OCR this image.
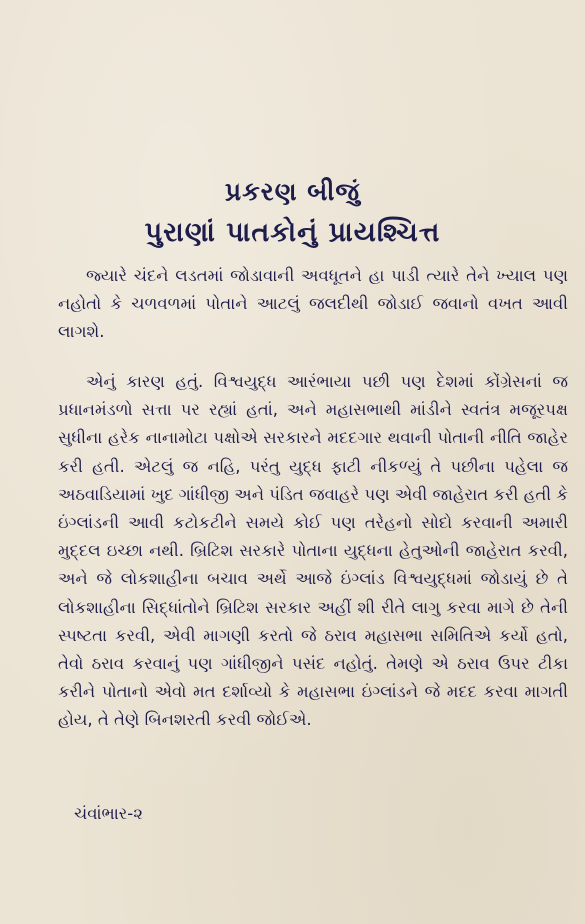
પ્રકરણ બીજું
પુરાણાં પાતકોનું પ્રાયશ્ચિત્ત

જ્યારે ચંદને લડતમાં જોડાવાની અવધૂતને હા પાડી ત્યારે તેને ખ્યાલ પણ નહોતો કે ચળવળમાં પોતાને આટલું જલદીથી જોડાઈ જવાનો વખત આવી લાગશે.

એનું કારણ હતું. વિશ્વયુદ્ધ આરંભાયા પછી પણ દેશમાં કોંગ્રેસનાં જ પ્રધાનમંડળો સત્તા પર રહ્યાં હતાં, અને મહાસભાથી માંડીને સ્વતંત્ર મજૂરપક્ષ સુધીના હરેક નાનામોટા પક્ષોએ સરકારને મદદગાર થવાની પોતાની નીતિ જાહેર કરી હતી. એટલું જ નહિ, પરંતુ યુદ્ધ ફાટી નીકળ્યું તે પછીના પહેલા જ અઠવાડિયામાં ખુદ ગાંધીજી અને પંડિત જવાહરે પણ એવી જાહેરાત કરી હતી કે ઇંગ્લાંડની આવી કટોકટીને સમયે કોઈ પણ તરેહનો સોદો કરવાની અમારી મુદ્દલ ઇચ્છા નથી. બ્રિટિશ સરકારે પોતાના યુદ્ધના હેતુઓની જાહેરાત કરવી, અને જે લોકશાહીના બચાવ અર્થે આજે ઇંગ્લાંડ વિશ્વયુદ્ધમાં જોડાયું છે તે લોકશાહીના સિદ્ધાંતોને બ્રિટિશ સરકાર અહીં શી રીતે લાગુ કરવા માગે છે તેની સ્પષ્ટતા કરવી, એવી માગણી કરતો જે ઠરાવ મહાસભા સમિતિએ કર્યો હતો, તેવો ઠરાવ કરવાનું પણ ગાંધીજીને પસંદ નહોતું. તેમણે એ ઠરાવ ઉપર ટીકા કરીને પોતાનો એવો મત દર્શાવ્યો કે મહાસભા ઇંગ્લાંડને જે મદદ કરવા માગતી હોય, તે તેણે બિનશરતી કરવી જોઈએ.

ચંવાંભાર-૨
